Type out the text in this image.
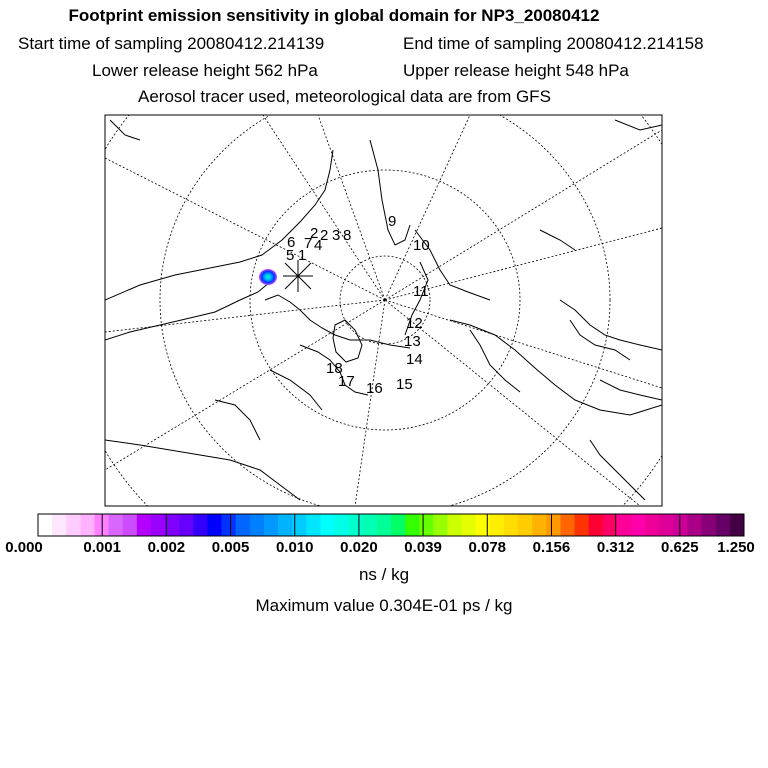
Footprint emission sensitivity in global domain for NP3_20080412
Start time of sampling 20080412.214139	End time of sampling 20080412.214158
Lower release height 562 hPa	Upper release height 548 hPa
Aerosol tracer used, meteorological data are from GFS
5 1
6 7 4
2 2 3 8
9
10
11
12
13
14
15
16
17
18
0.000	0.001 0.002 0.005 0.010 0.020 0.039 0.078 0.156 0.312 0.625 1.250
ns / kg
Maximum value 0.304E-01 ps / kg
